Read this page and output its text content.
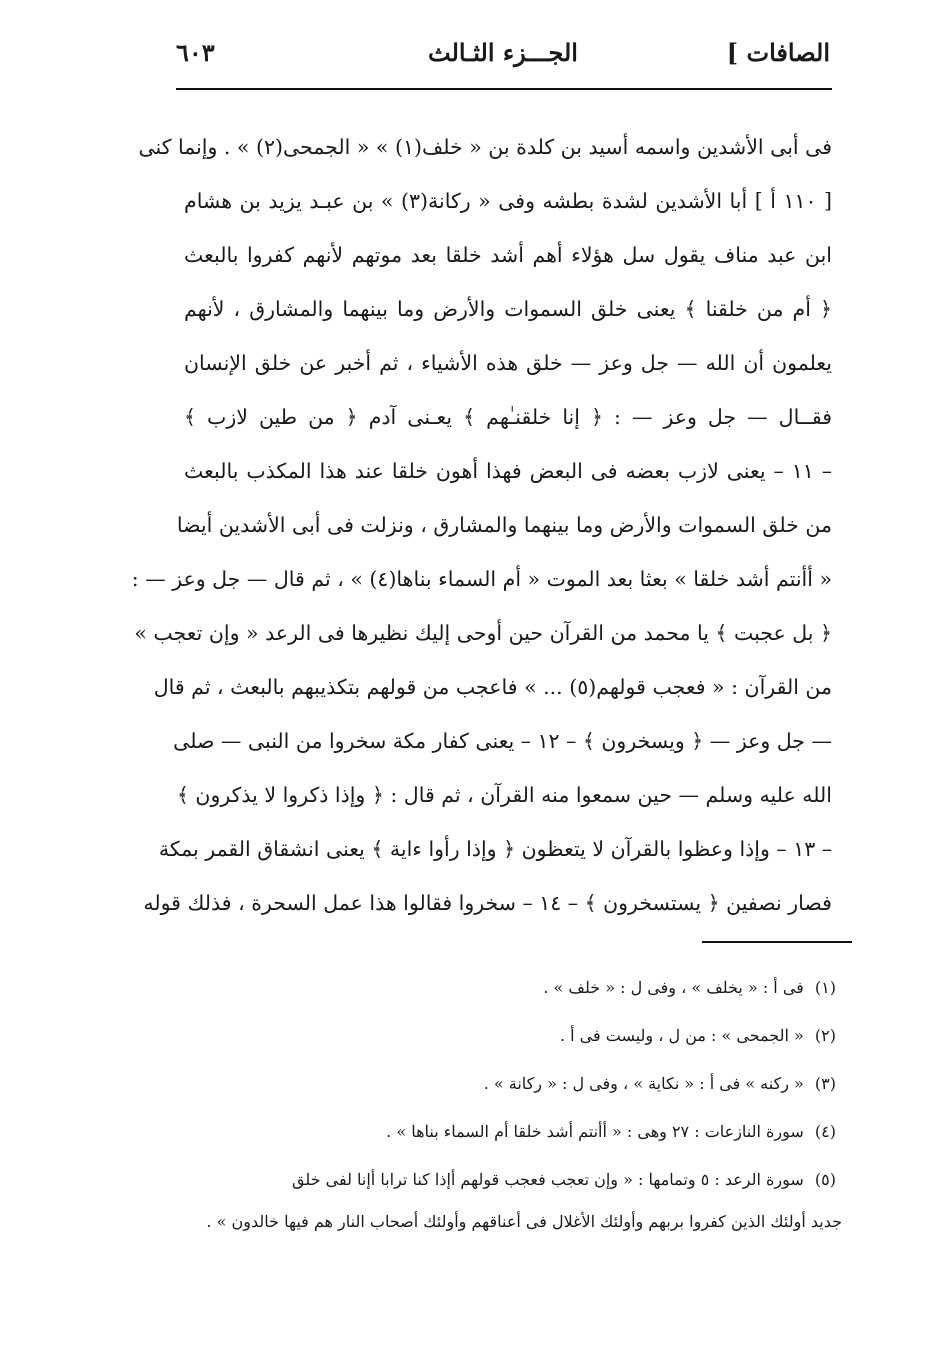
الصافات ]
الجـــزء الثـالث
٦٠٣
فى أبى الأشدين واسمه أسيد بن كلدة بن « خلف(١) » « الجمحى(٢) » . وإنما كنى
[ ١١٠ أ ] أبا الأشدين لشدة بطشه وفى « ركانة(٣) » بن عبـد يزيد بن هشام
ابن عبد مناف يقول سل هؤلاء أهم أشد خلقا بعد موتهم لأنهم كفروا بالبعث
﴿ أم من خلقنا ﴾ يعنى خلق السموات والأرض وما بينهما والمشارق ، لأنهم
يعلمون أن الله — جل وعز — خلق هذه الأشياء ، ثم أخبر عن خلق الإنسان
فقــال — جل وعز — : ﴿ إنا خلقنـٰهم ﴾ يعـنى آدم ﴿ من طين لازب ﴾
– ١١ – يعنى لازب بعضه فى البعض فهذا أهون خلقا عند هذا المكذب بالبعث
من خلق السموات والأرض وما بينهما والمشارق ، ونزلت فى أبى الأشدين أيضا
« أأنتم أشد خلقا » بعثا بعد الموت « أم السماء بناها(٤) » ، ثم قال — جل وعز — :
﴿ بل عجبت ﴾ يا محمد من القرآن حين أوحى إليك نظيرها فى الرعد « وإن تعجب »
من القرآن : « فعجب قولهم(٥) ... » فاعجب من قولهم بتكذيبهم بالبعث ، ثم قال
— جل وعز — ﴿ ويسخرون ﴾ – ١٢ – يعنى كفار مكة سخروا من النبى — صلى
الله عليه وسلم — حين سمعوا منه القرآن ، ثم قال : ﴿ وإذا ذكروا لا يذكرون ﴾
– ١٣ – وإذا وعظوا بالقرآن لا يتعظون ﴿ وإذا رأوا ءاية ﴾ يعنى انشقاق القمر بمكة
فصار نصفين ﴿ يستسخرون ﴾ – ١٤ – سخروا فقالوا هذا عمل السحرة ، فذلك قوله
(١) فى أ : « يخلف » ، وفى ل : « خلف » .
(٢) « الجمحى » : من ل ، وليست فى أ .
(٣) « ركنه » فى أ : « نكاية » ، وفى ل : « ركانة » .
(٤) سورة النازعات : ٢٧ وهى : « أأنتم أشد خلقا أم السماء بناها » .
(٥) سورة الرعد : ٥ وتمامها : « وإن تعجب فعجب قولهم أإذا كنا ترابا أإنا لفى خلق
جديد أولئك الذين كفروا بربهم وأولئك الأغلال فى أعناقهم وأولئك أصحاب النار هم فيها خالدون » .
